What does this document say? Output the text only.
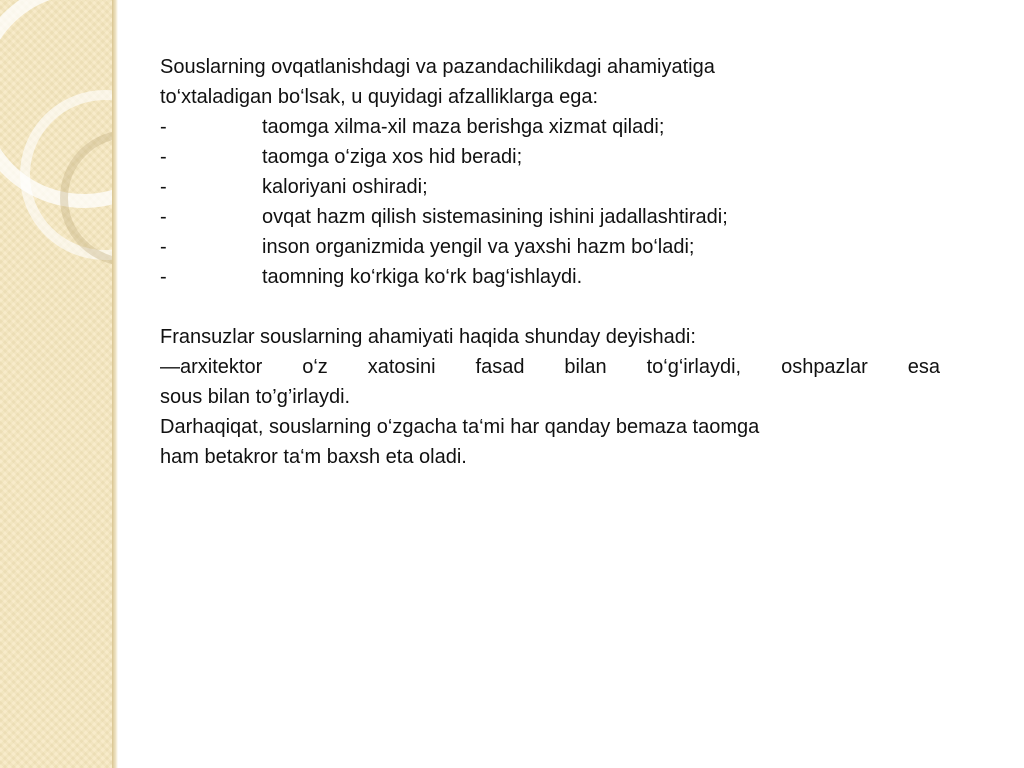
Souslarning ovqatlanishdagi va pazandachilikdagi ahamiyatiga

to‘xtaladigan bo‘lsak, u quyidagi afzalliklarga ega:

-	taomga xilma-xil maza berishga xizmat qiladi;
-	taomga o‘ziga xos hid beradi;
-	kaloriyani oshiradi;
-	ovqat hazm qilish sistemasining ishini jadallashtiradi;
-	inson organizmida yengil va yaxshi hazm bo‘ladi;
-	taomning ko‘rkiga ko‘rk bag‘ishlaydi.

Fransuzlar souslarning ahamiyati haqida shunday deyishadi:

—arxitektor o‘z xatosini fasad bilan to‘g‘irlaydi, oshpazlar esa

sous bilan to’g’irlaydi.

Darhaqiqat, souslarning o‘zgacha ta‘mi har qanday bemaza taomga

ham betakror ta‘m baxsh eta oladi.
